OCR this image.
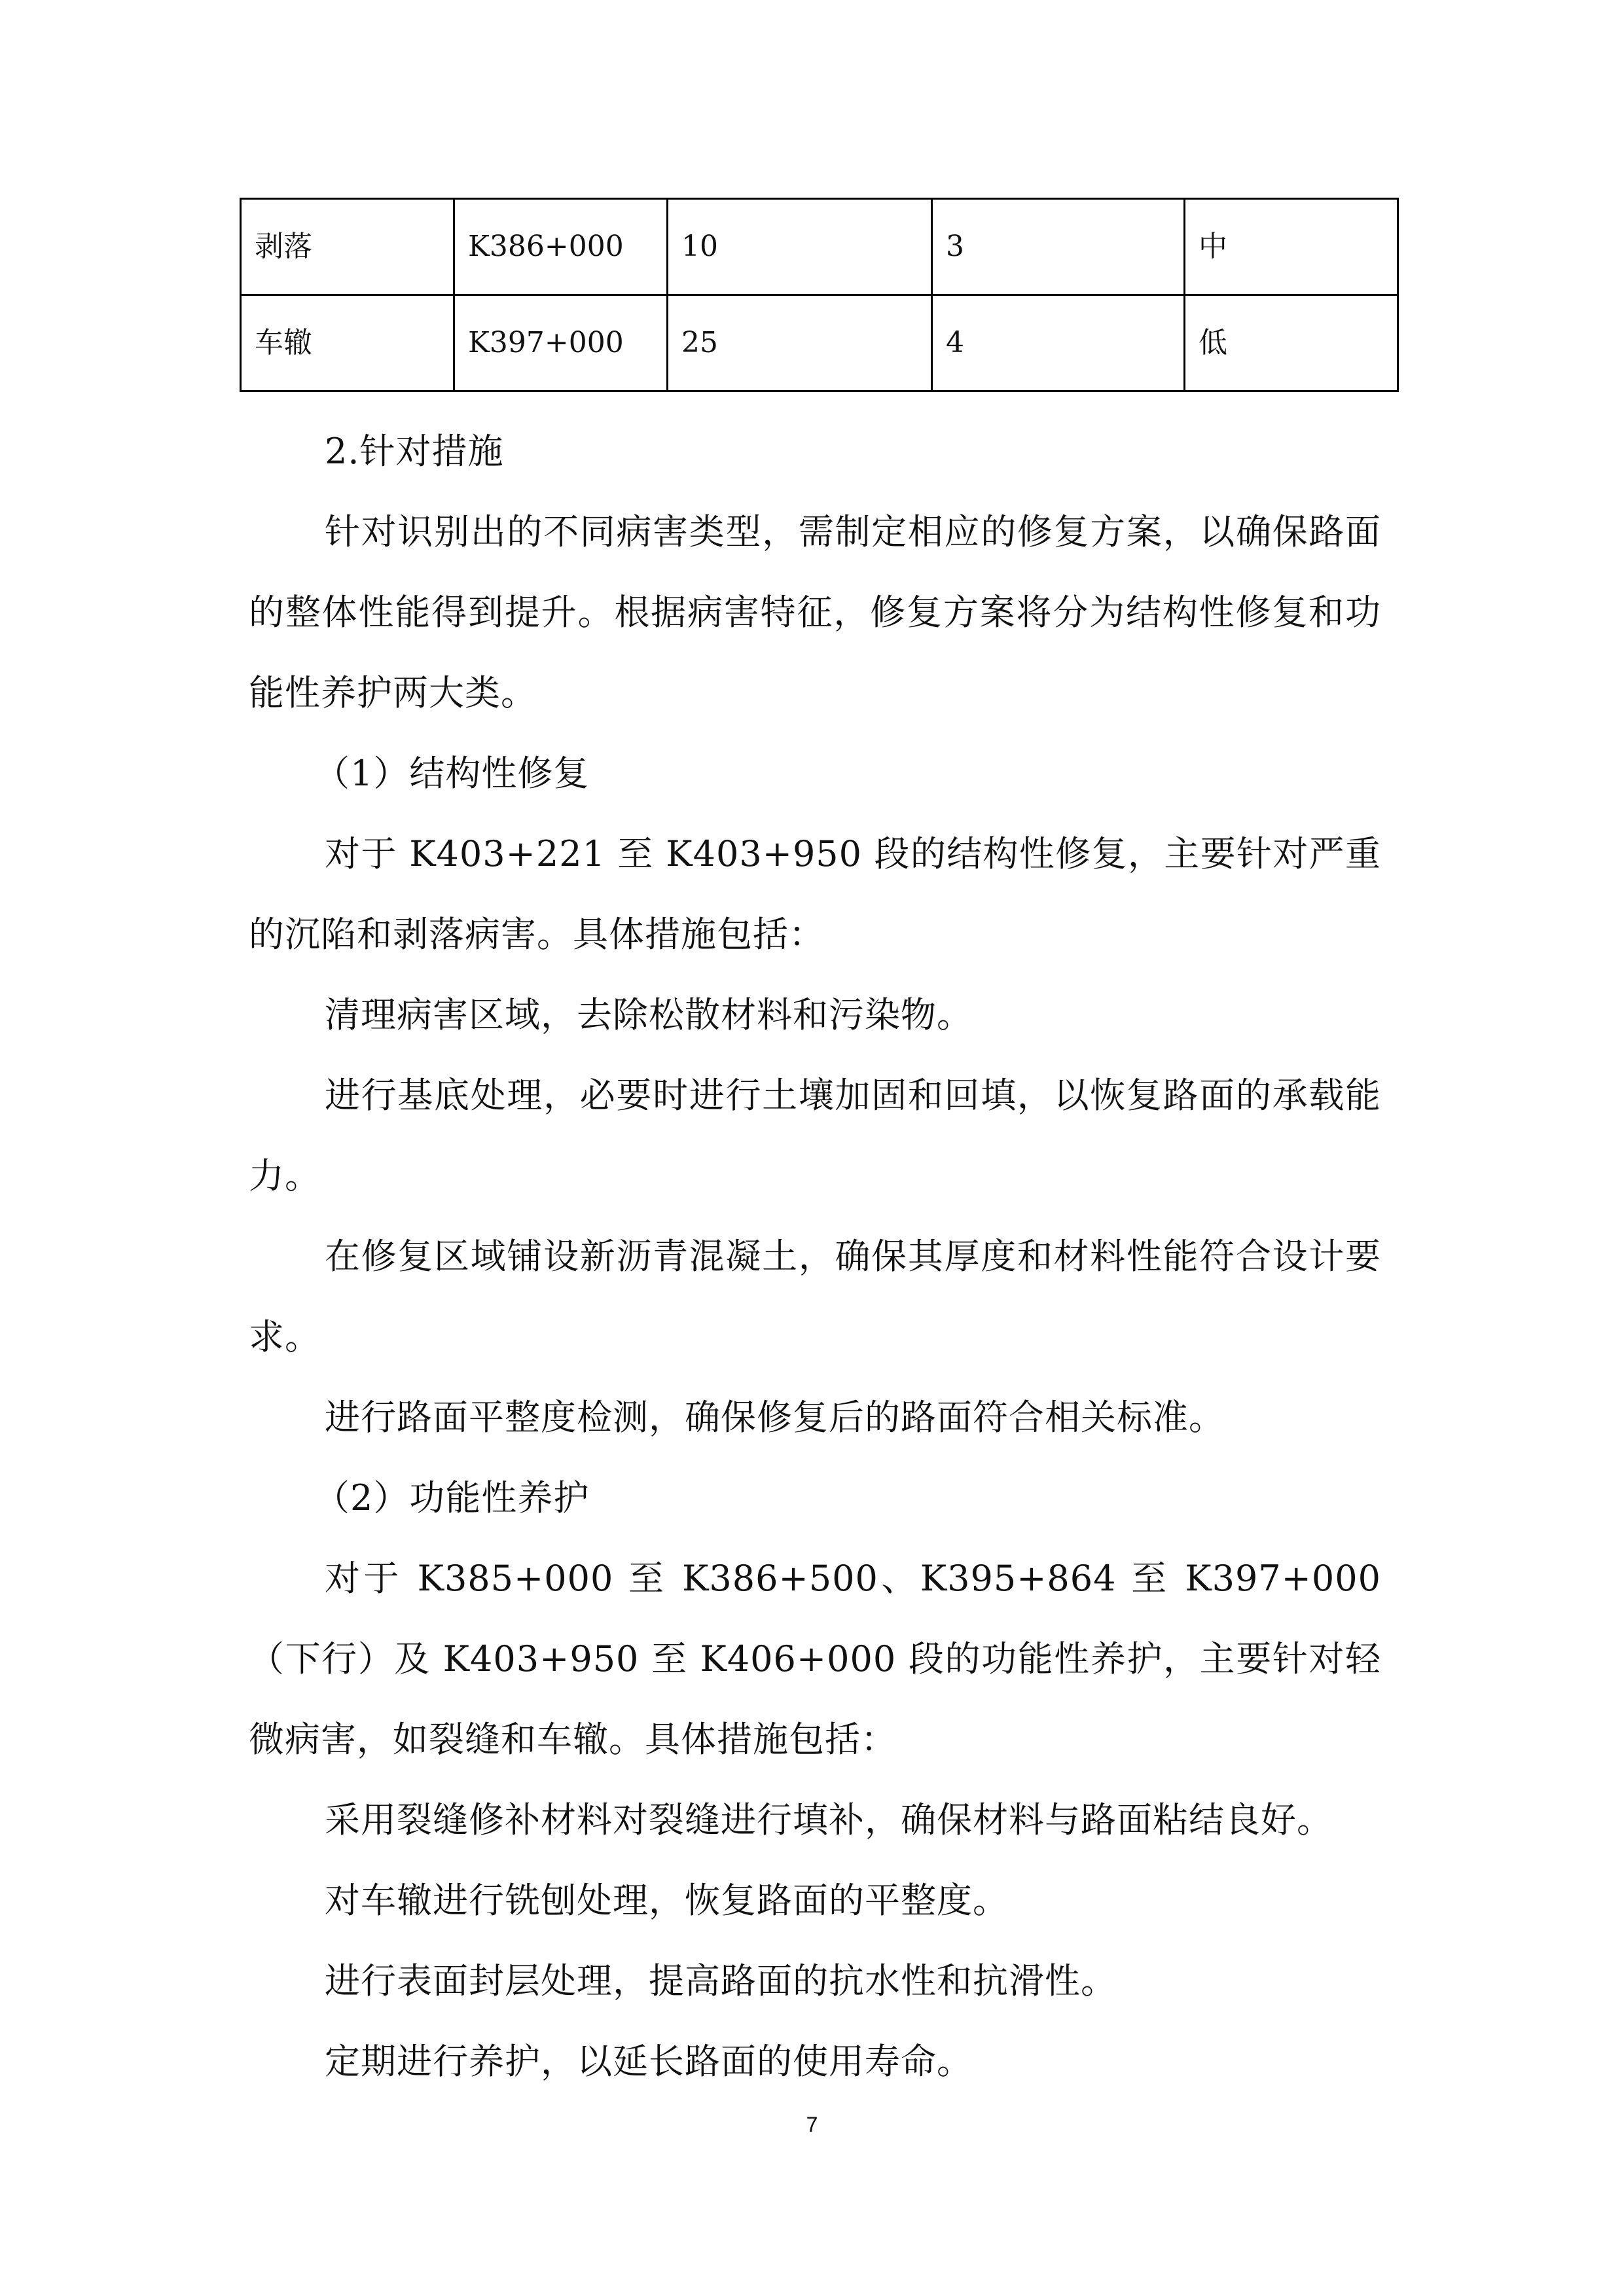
剥落	K386+000	10	3	中
车辙	K397+000	25	4	低

2.针对措施

针对识别出的不同病害类型，需制定相应的修复方案，以确保路面的整体性能得到提升。根据病害特征，修复方案将分为结构性修复和功能性养护两大类。

（1）结构性修复

对于 K403+221 至 K403+950 段的结构性修复，主要针对严重的沉陷和剥落病害。具体措施包括：

清理病害区域，去除松散材料和污染物。

进行基底处理，必要时进行土壤加固和回填，以恢复路面的承载能力。

在修复区域铺设新沥青混凝土，确保其厚度和材料性能符合设计要求。

进行路面平整度检测，确保修复后的路面符合相关标准。

（2）功能性养护

对于 K385+000 至 K386+500、K395+864 至 K397+000（下行）及 K403+950 至 K406+000 段的功能性养护，主要针对轻微病害，如裂缝和车辙。具体措施包括：

采用裂缝修补材料对裂缝进行填补，确保材料与路面粘结良好。

对车辙进行铣刨处理，恢复路面的平整度。

进行表面封层处理，提高路面的抗水性和抗滑性。

定期进行养护，以延长路面的使用寿命。

7
